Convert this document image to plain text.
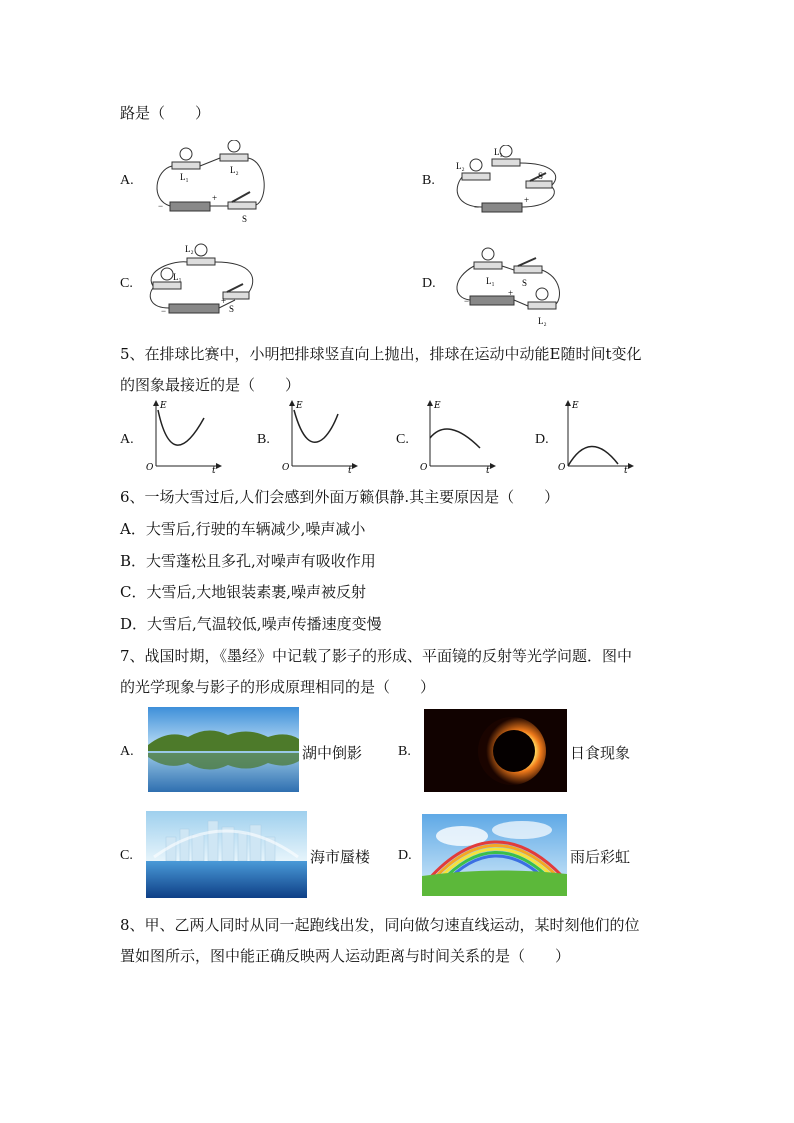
路是（　　）
A.	L₁
L₂
S
+
−
B.
L₁
L₂
S
+
−
C.
L₂
L₁
S
+
−
D.	L₁	S
L₂
+
−
5、在排球比赛中，小明把排球竖直向上抛出，排球在运动中动能E随时间t变化
的图象最接近的是（　　）
A.
E
t
O
B.
E
t
O
C.
E
t
O
D.
E
t
O
6、一场大雪过后,人们会感到外面万籁俱静.其主要原因是（　　）
A．大雪后,行驶的车辆减少,噪声减小
B．大雪蓬松且多孔,对噪声有吸收作用
C．大雪后,大地银装素裹,噪声被反射
D．大雪后,气温较低,噪声传播速度变慢
7、战国时期，《墨经》中记载了影子的形成、平面镜的反射等光学问题．图中
的光学现象与影子的形成原理相同的是（　　）
A.	湖中倒影	B.	日食现象
C.	海市蜃楼 D.	雨后彩虹
8、甲、乙两人同时从同一起跑线出发，同向做匀速直线运动，某时刻他们的位
置如图所示，图中能正确反映两人运动距离与时间关系的是（　　）
